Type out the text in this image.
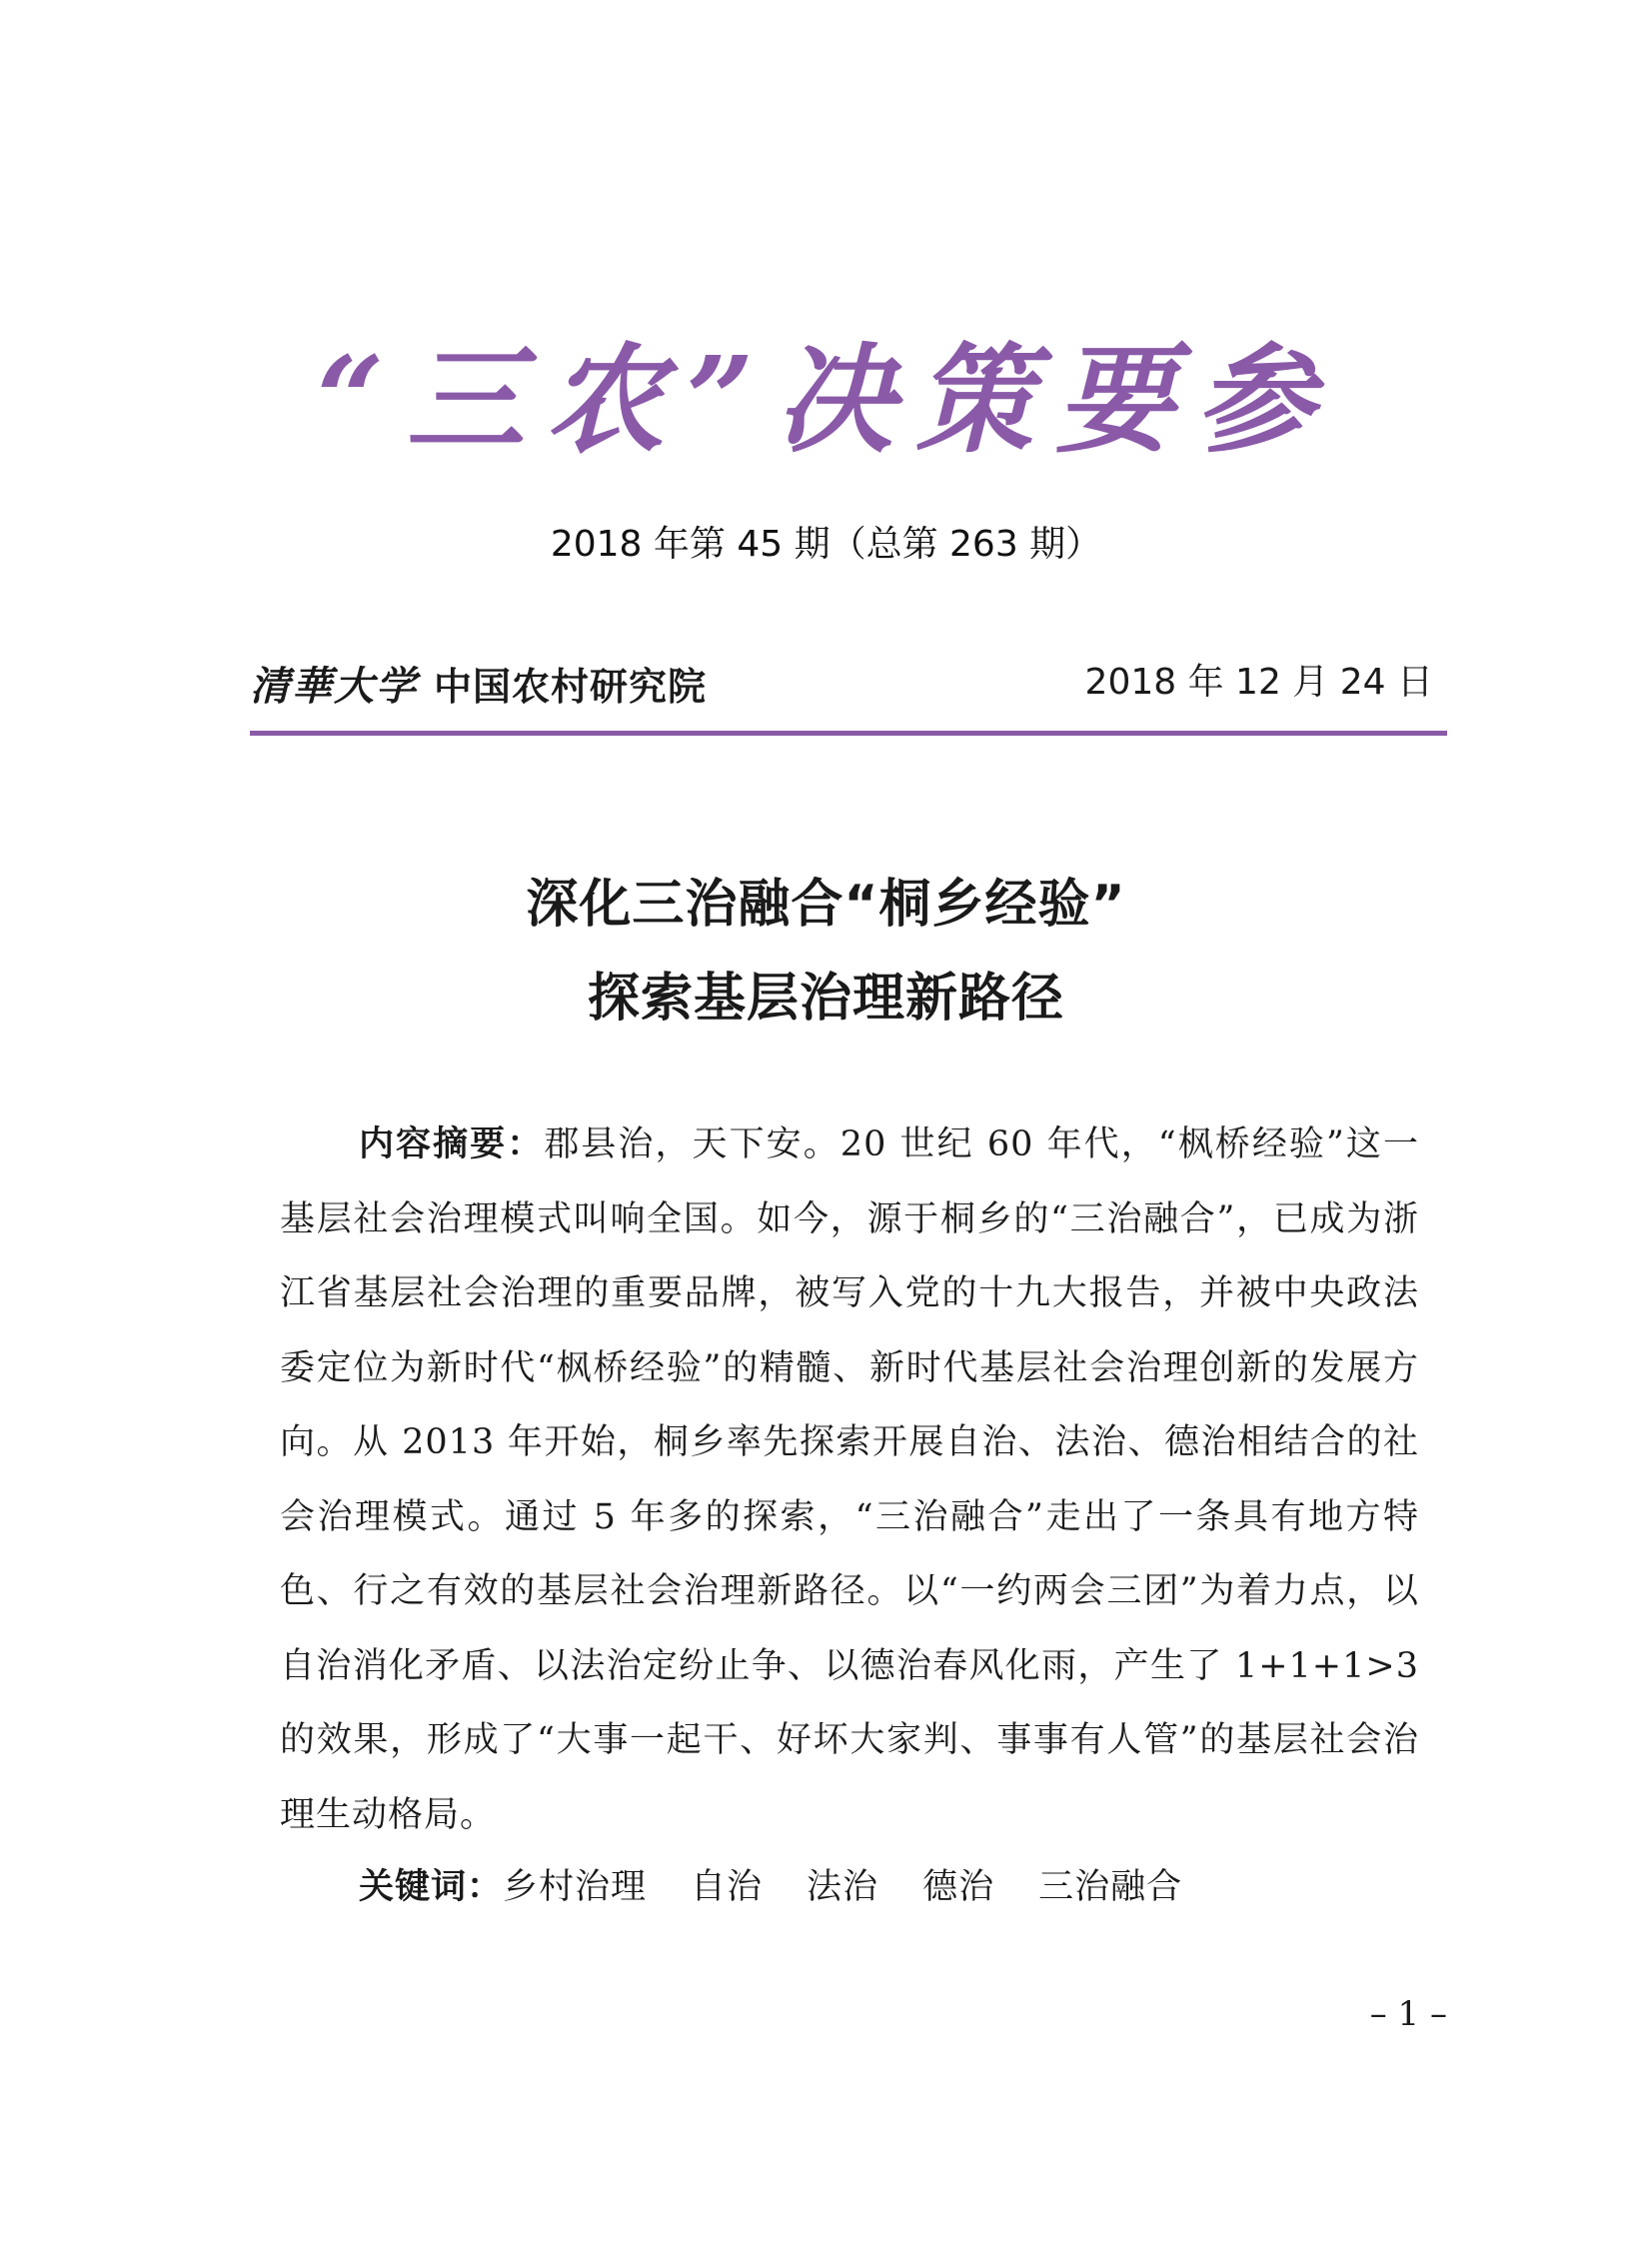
“三农”决策要参
2018 年第 45 期（总第 263 期）
清華大学 中国农村研究院	2018 年 12 月 24 日
深化三治融合“桐乡经验”
探索基层治理新路径
内容摘要：郡县治，天下安。20 世纪 60 年代，“枫桥经验”这一基层社会治理模式叫响全国。如今，源于桐乡的“三治融合”，已成为浙江省基层社会治理的重要品牌，被写入党的十九大报告，并被中央政法委定位为新时代“枫桥经验”的精髓、新时代基层社会治理创新的发展方向。从 2013 年开始，桐乡率先探索开展自治、法治、德治相结合的社会治理模式。通过 5 年多的探索，“三治融合”走出了一条具有地方特色、行之有效的基层社会治理新路径。以“一约两会三团”为着力点，以自治消化矛盾、以法治定纷止争、以德治春风化雨，产生了 1+1+1>3 的效果，形成了“大事一起干、好坏大家判、事事有人管”的基层社会治理生动格局。
关键词：乡村治理 自治 法治 德治 三治融合
– 1 –
